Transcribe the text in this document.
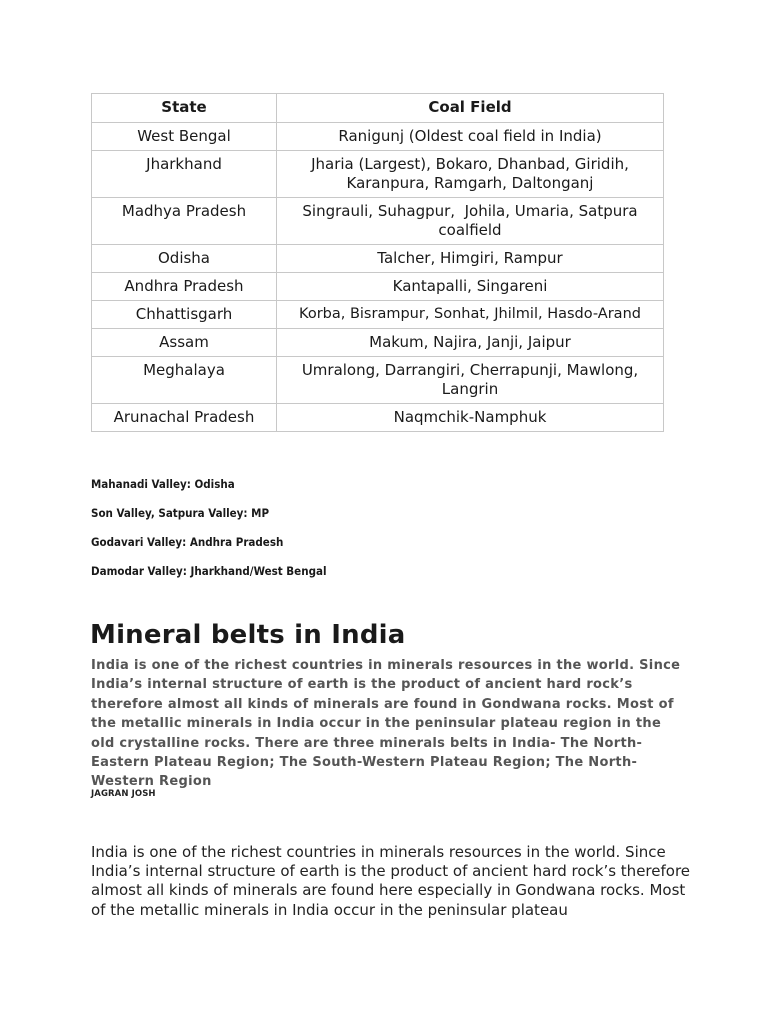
State	Coal Field
West Bengal	Ranigunj (Oldest coal field in India)
Jharkhand	Jharia (Largest), Bokaro, Dhanbad, Giridih, Karanpura, Ramgarh, Daltonganj
Madhya Pradesh	Singrauli, Suhagpur,  Johila, Umaria, Satpura coalfield
Odisha	Talcher, Himgiri, Rampur
Andhra Pradesh	Kantapalli, Singareni
Chhattisgarh	Korba, Bisrampur, Sonhat, Jhilmil, Hasdo-Arand
Assam	Makum, Najira, Janji, Jaipur
Meghalaya	Umralong, Darrangiri, Cherrapunji, Mawlong, Langrin
Arunachal Pradesh	Naqmchik-Namphuk
Mahanadi Valley: Odisha
Son Valley, Satpura Valley: MP
Godavari Valley: Andhra Pradesh
Damodar Valley: Jharkhand/West Bengal
Mineral belts in India

India is one of the richest countries in minerals resources in the world. Since India’s internal structure of earth is the product of ancient hard rock’s therefore almost all kinds of minerals are found in Gondwana rocks. Most of the metallic minerals in India occur in the peninsular plateau region in the old crystalline rocks. There are three minerals belts in India- The North-Eastern Plateau Region; The South-Western Plateau Region; The North-Western Region

JAGRAN JOSH

India is one of the richest countries in minerals resources in the world. Since India’s internal structure of earth is the product of ancient hard rock’s therefore almost all kinds of minerals are found here especially in Gondwana rocks. Most of the metallic minerals in India occur in the peninsular plateau
